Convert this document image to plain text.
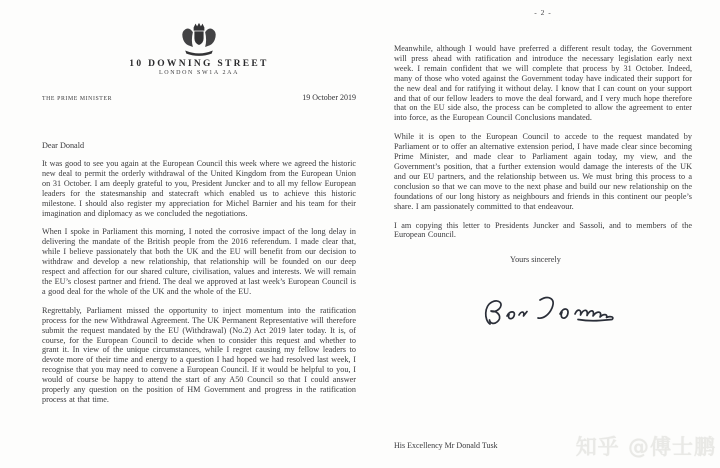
10 DOWNING STREET
LONDON SW1A 2AA
THE PRIME MINISTER	19 October 2019
Dear Donald

It was good to see you again at the European Council this week where we agreed the historic new deal to permit the orderly withdrawal of the United Kingdom from the European Union on 31 October. I am deeply grateful to you, President Juncker and to all my fellow European leaders for the statesmanship and statecraft which enabled us to achieve this historic milestone. I should also register my appreciation for Michel Barnier and his team for their imagination and diplomacy as we concluded the negotiations.

When I spoke in Parliament this morning, I noted the corrosive impact of the long delay in delivering the mandate of the British people from the 2016 referendum. I made clear that, while I believe passionately that both the UK and the EU will benefit from our decision to withdraw and develop a new relationship, that relationship will be founded on our deep respect and affection for our shared culture, civilisation, values and interests. We will remain the EU’s closest partner and friend. The deal we approved at last week’s European Council is a good deal for the whole of the UK and the whole of the EU.

Regrettably, Parliament missed the opportunity to inject momentum into the ratification process for the new Withdrawal Agreement. The UK Permanent Representative will therefore submit the request mandated by the EU (Withdrawal) (No.2) Act 2019 later today. It is, of course, for the European Council to decide when to consider this request and whether to grant it. In view of the unique circumstances, while I regret causing my fellow leaders to devote more of their time and energy to a question I had hoped we had resolved last week, I recognise that you may need to convene a European Council. If it would be helpful to you, I would of course be happy to attend the start of any A50 Council so that I could answer properly any question on the position of HM Government and progress in the ratification process at that time.

- 2 -

Meanwhile, although I would have preferred a different result today, the Government will press ahead with ratification and introduce the necessary legislation early next week. I remain confident that we will complete that process by 31 October. Indeed, many of those who voted against the Government today have indicated their support for the new deal and for ratifying it without delay. I know that I can count on your support and that of our fellow leaders to move the deal forward, and I very much hope therefore that on the EU side also, the process can be completed to allow the agreement to enter into force, as the European Council Conclusions mandated.

While it is open to the European Council to accede to the request mandated by Parliament or to offer an alternative extension period, I have made clear since becoming Prime Minister, and made clear to Parliament again today, my view, and the Government’s position, that a further extension would damage the interests of the UK and our EU partners, and the relationship between us. We must bring this process to a conclusion so that we can move to the next phase and build our new relationship on the foundations of our long history as neighbours and friends in this continent our people’s share. I am passionately committed to that endeavour.

I am copying this letter to Presidents Juncker and Sassoli, and to members of the European Council.

Yours sincerely
His Excellency Mr Donald Tusk	知乎 @傅士鹏
